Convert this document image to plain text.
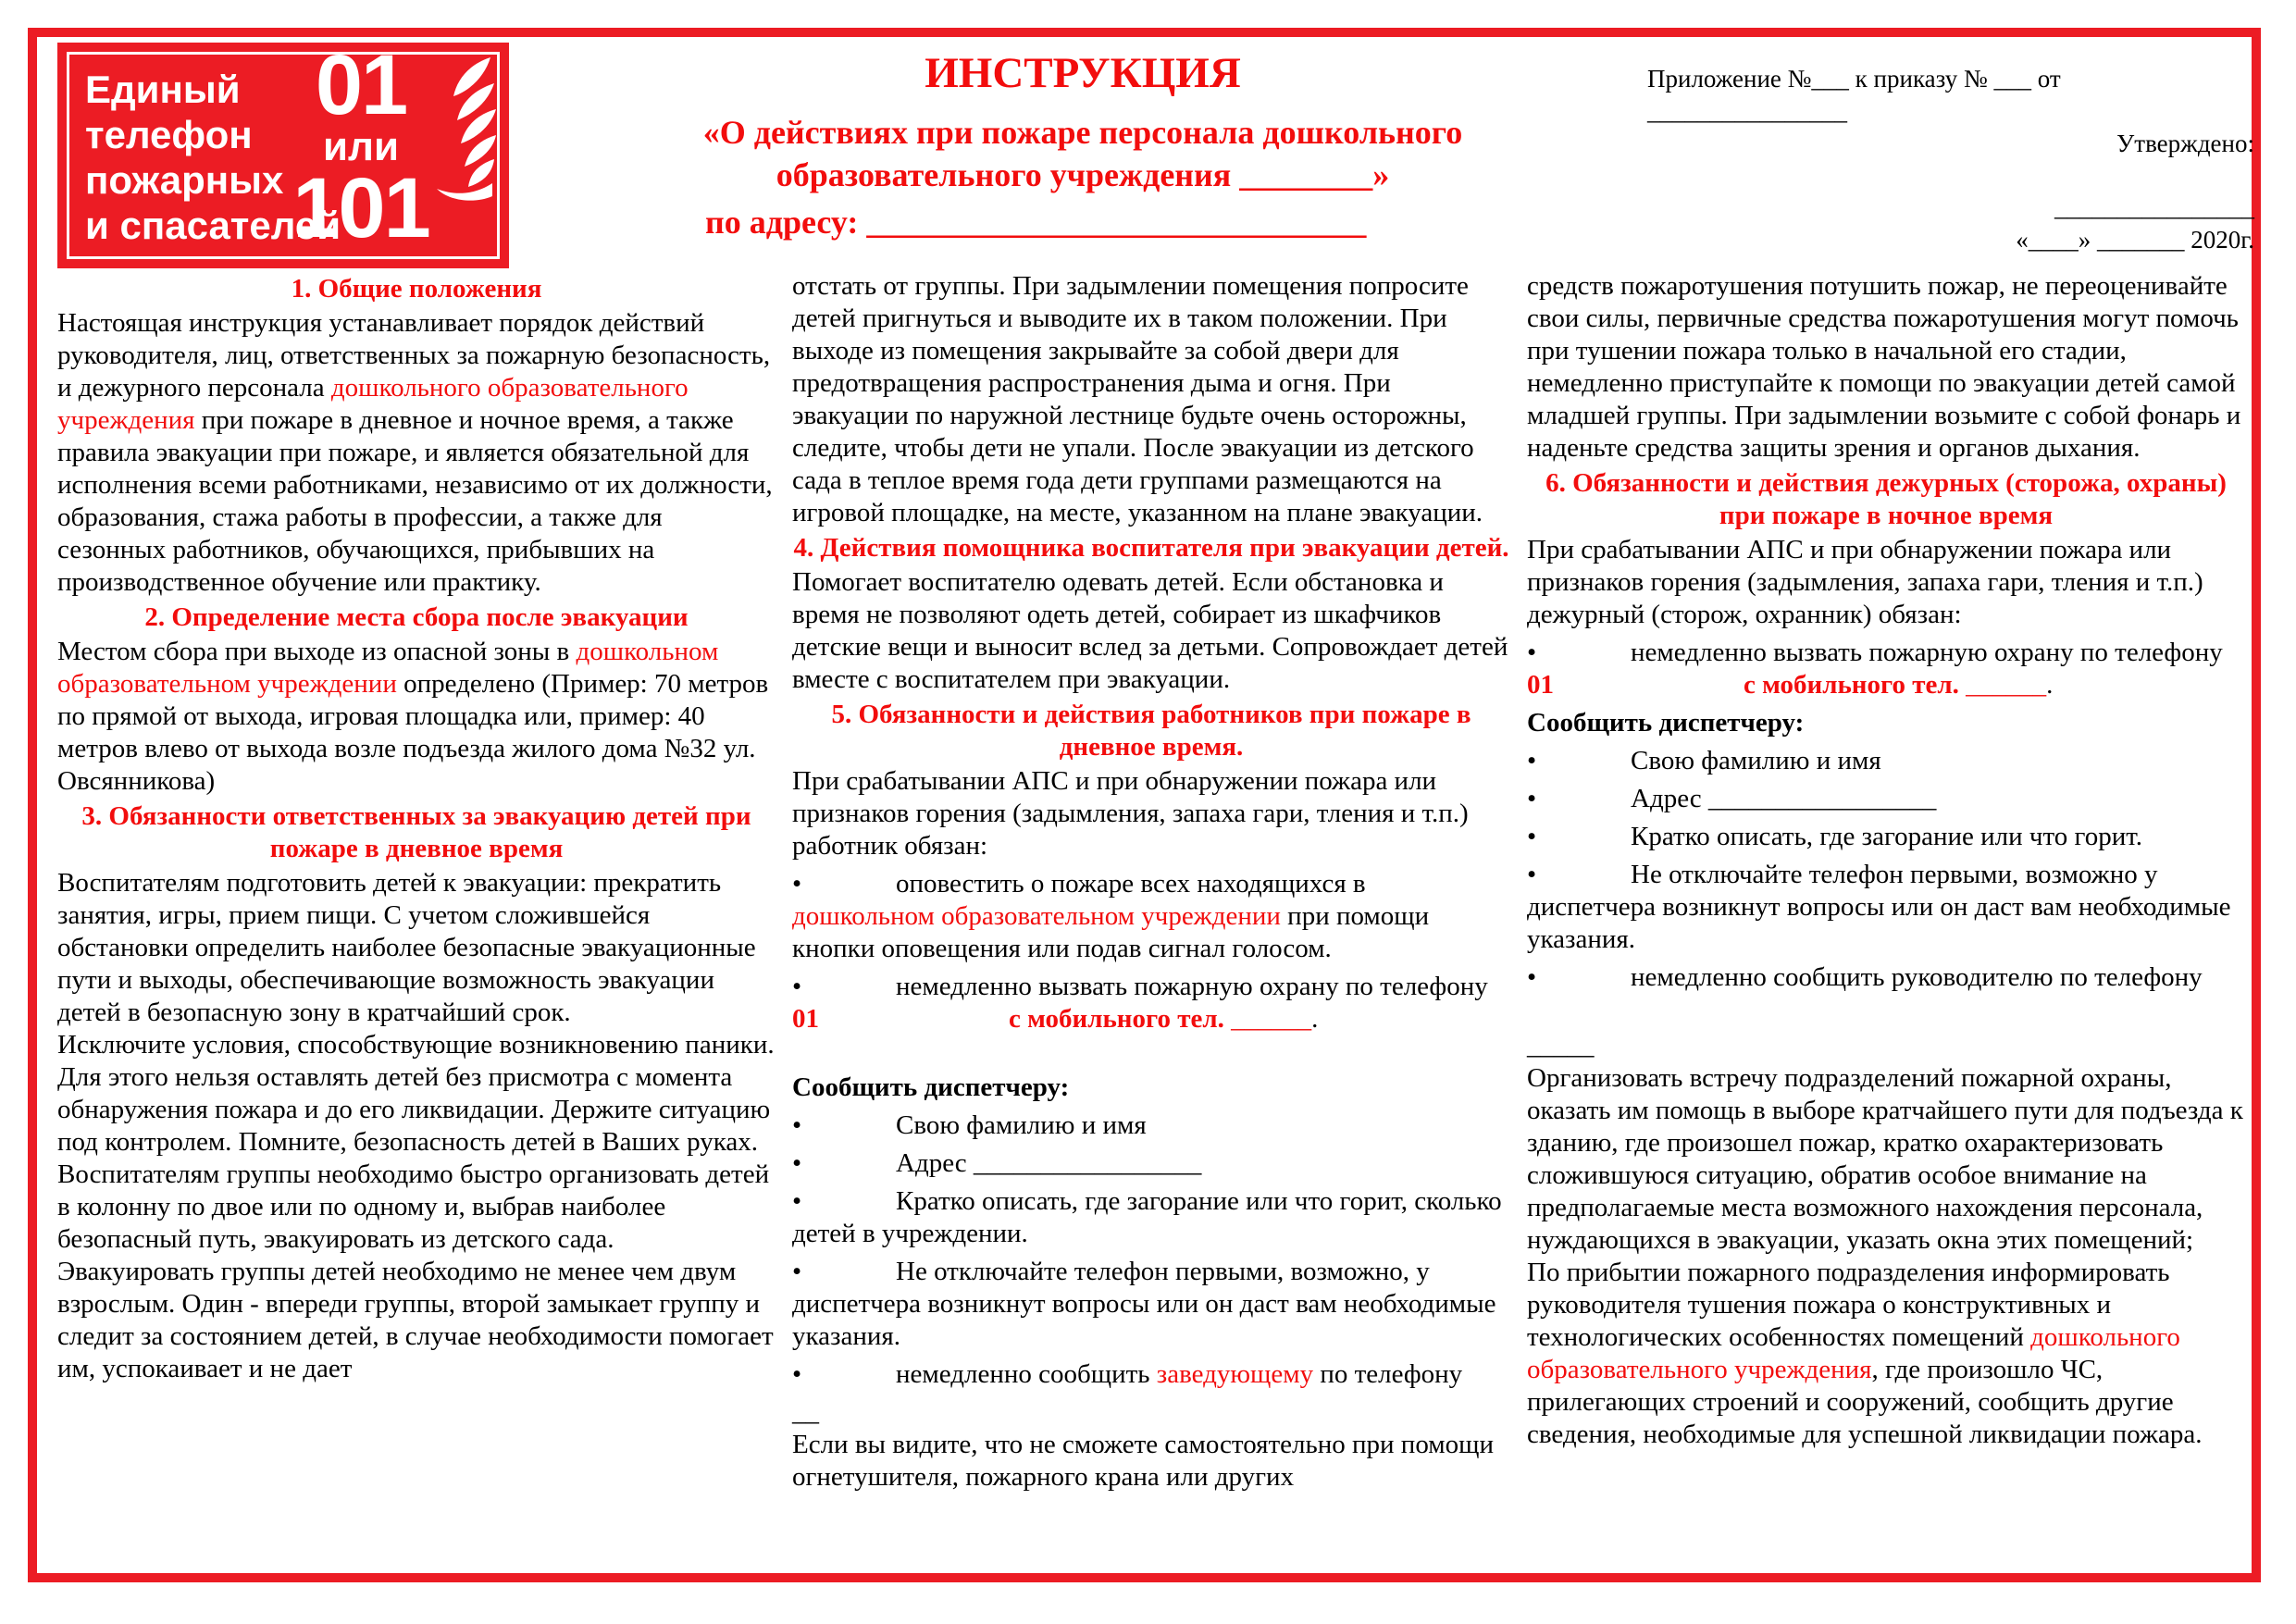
Единый
телефон
пожарных
и спасателей
01
или
101
ИНСТРУКЦИЯ
«О действиях при пожаре персонала дошкольного
образовательного учреждения ________»
по адресу: ______________________________
Приложение №___ к приказу № ___ от ________________
Утверждено:
________________
«____» _______ 2020г.
1. Общие положения
Настоящая инструкция устанавливает порядок действий руководителя, лиц, ответственных за пожарную безопасность, и дежурного персонала дошкольного образовательного учреждения при пожаре в дневное и ночное время, а также правила эвакуации при пожаре, и является обязательной для исполнения всеми работниками, независимо от их должности, образования, стажа работы в профессии, а также для сезонных работников, обучающихся, прибывших на производственное обучение или практику.
2. Определение места сбора после эвакуации
Местом сбора при выходе из опасной зоны в дошкольном образовательном учреждении определено (Пример: 70 метров по прямой от выхода, игровая площадка или, пример: 40 метров влево от выхода возле подъезда жилого дома №32 ул. Овсянникова)
3. Обязанности ответственных за эвакуацию детей при пожаре в дневное время
Воспитателям подготовить детей к эвакуации: прекратить занятия, игры, прием пищи. С учетом сложившейся обстановки определить наиболее безопасные эвакуационные пути и выходы, обеспечивающие возможность эвакуации детей в безопасную зону в кратчайший срок.
Исключите условия, способствующие возникновению паники. Для этого нельзя оставлять детей без присмотра с момента обнаружения пожара и до его ликвидации. Держите ситуацию под контролем. Помните, безопасность детей в Ваших руках. Воспитателям группы необходимо быстро организовать детей в колонну по двое или по одному и, выбрав наиболее безопасный путь, эвакуировать из детского сада. Эвакуировать группы детей необходимо не менее чем двум взрослым. Один - впереди группы, второй замыкает группу и следит за состоянием детей, в случае необходимости помогает им, успокаивает и не дает
отстать от группы. При задымлении помещения попросите детей пригнуться и выводите их в таком положении. При выходе из помещения закрывайте за собой двери для предотвращения распространения дыма и огня. При эвакуации по наружной лестнице будьте очень осторожны, следите, чтобы дети не упали. После эвакуации из детского сада в теплое время года дети группами размещаются на игровой площадке, на месте, указанном на плане эвакуации.
4. Действия помощника воспитателя при эвакуации детей.
Помогает воспитателю одевать детей. Если обстановка и время не позволяют одеть детей, собирает из шкафчиков детские вещи и выносит вслед за детьми. Сопровождает детей вместе с воспитателем при эвакуации.
5. Обязанности и действия работников при пожаре в дневное время.
При срабатывании АПС и при обнаружении пожара или признаков горения (задымления, запаха гари, тления и т.п.) работник обязан:
•	оповестить о пожаре всех находящихся в дошкольном образовательном учреждении при помощи кнопки оповещения или подав сигнал голосом.
•	немедленно вызвать пожарную охрану по телефону 01	с мобильного тел. ______.
Сообщить диспетчеру:
•	Свою фамилию и имя
•	Адрес _________________
•	Кратко описать, где загорание или что горит, сколько детей в учреждении.
•	Не отключайте телефон первыми, возможно, у диспетчера возникнут вопросы или он даст вам необходимые указания.
•	немедленно сообщить заведующему по телефону
__
Если вы видите, что не сможете самостоятельно при помощи огнетушителя, пожарного крана или других
средств пожаротушения потушить пожар, не переоценивайте свои силы, первичные средства пожаротушения могут помочь при тушении пожара только в начальной его стадии, немедленно приступайте к помощи по эвакуации детей самой младшей группы. При задымлении возьмите с собой фонарь и наденьте средства защиты зрения и органов дыхания.
6. Обязанности и действия дежурных (сторожа, охраны) при пожаре в ночное время
При срабатывании АПС и при обнаружении пожара или признаков горения (задымления, запаха гари, тления и т.п.) дежурный (сторож, охранник) обязан:
•	немедленно вызвать пожарную охрану по телефону 01	с мобильного тел. ______.
Сообщить диспетчеру:
•	Свою фамилию и имя
•	Адрес _________________
•	Кратко описать, где загорание или что горит.
•	Не отключайте телефон первыми, возможно у диспетчера возникнут вопросы или он даст вам необходимые указания.
•	немедленно сообщить руководителю по телефону
_____
Организовать встречу подразделений пожарной охраны, оказать им помощь в выборе кратчайшего пути для подъезда к зданию, где произошел пожар, кратко охарактеризовать сложившуюся ситуацию, обратив особое внимание на предполагаемые места возможного нахождения персонала, нуждающихся в эвакуации, указать окна этих помещений;
По прибытии пожарного подразделения информировать руководителя тушения пожара о конструктивных и технологических особенностях помещений дошкольного образовательного учреждения, где произошло ЧС, прилегающих строений и сооружений, сообщить другие сведения, необходимые для успешной ликвидации пожара.
